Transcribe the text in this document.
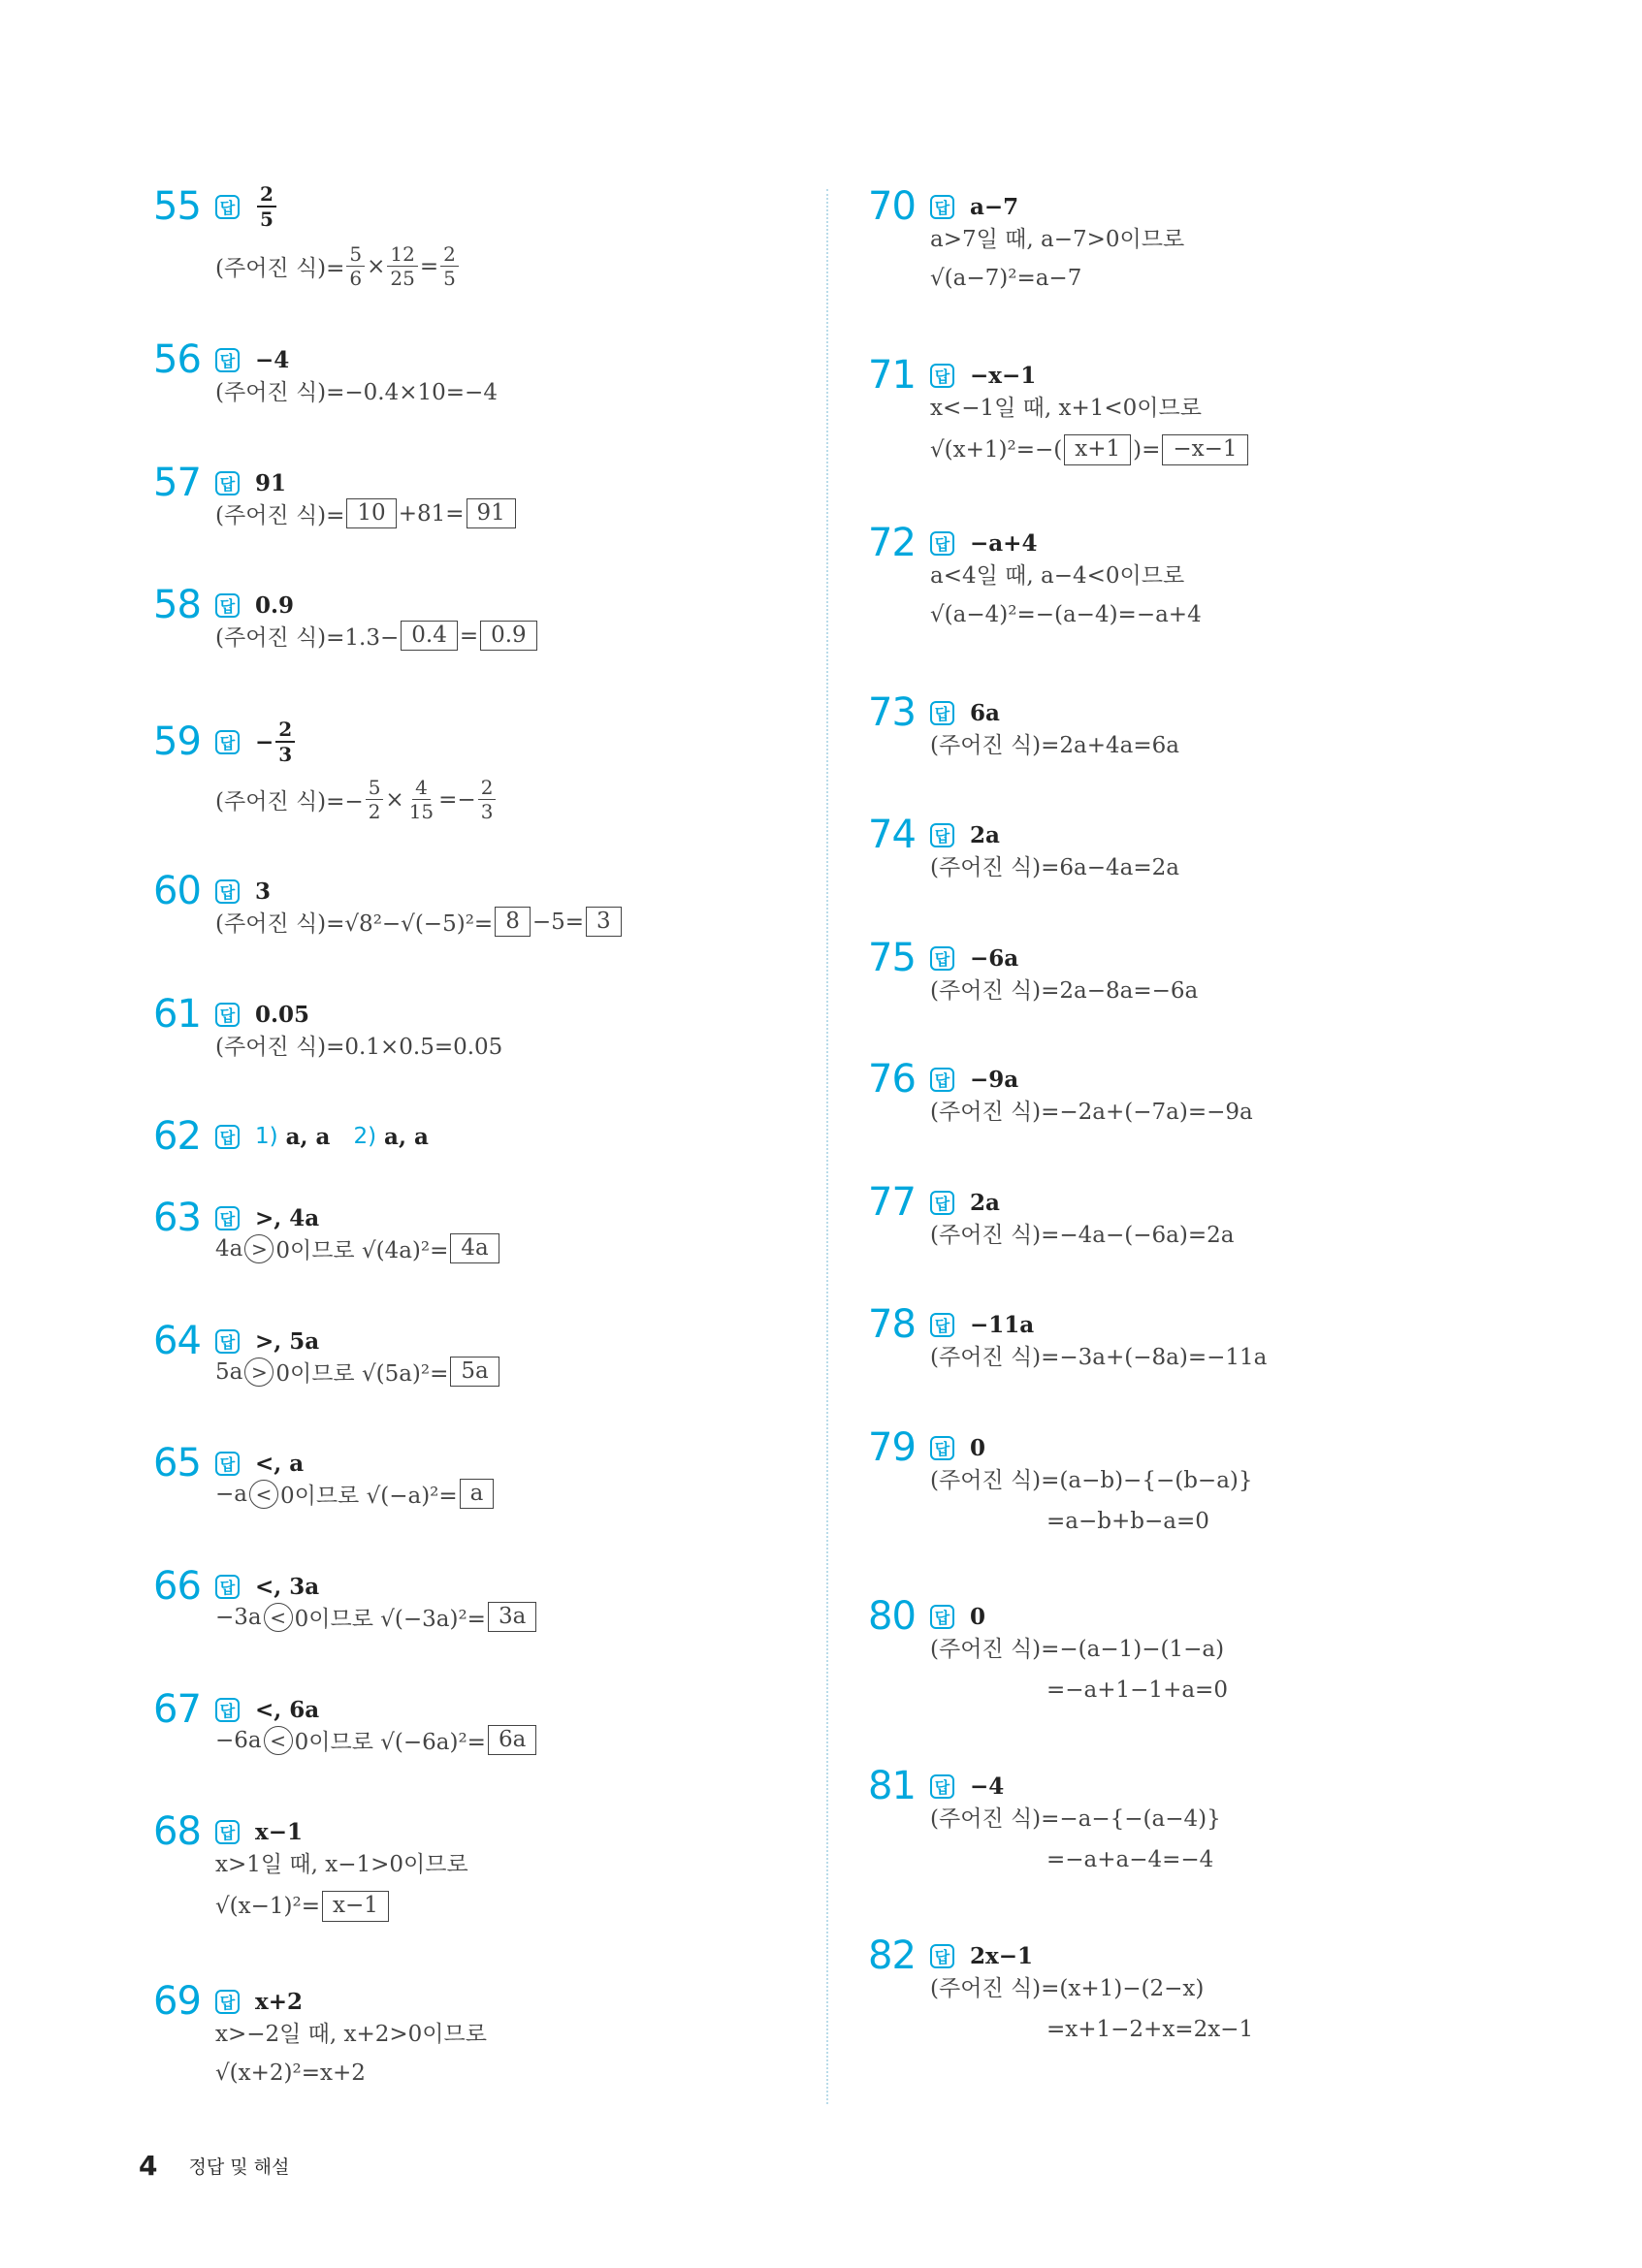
55	답 $\frac{2}{5}$
(주어진 식)= $\frac{5}{6} \times \frac{12}{25} = \frac{2}{5}$
56	답 −4
(주어진 식)=−0.4×10=−4
57	답 91
(주어진 식)= 10 +81= 91
58	답 0.9
(주어진 식)=1.3− 0.4 = 0.9
59	답 − $\frac{2}{3}$
(주어진 식)=− $\frac{5}{2} \times \frac{4}{15} =- \frac{2}{3}$
60	답 3
(주어진 식)=√8²−√(−5)²= 8 −5= 3
61	답 0.05
(주어진 식)=0.1×0.5=0.05
62	답 1) a, a 2) a, a
63	답 >, 4a
4a > 0이므로 √(4a)²= 4a
64	답 >, 5a
5a > 0이므로 √(5a)²= 5a
65	답 <, a
−a < 0이므로 √(−a)²= a
66	답 <, 3a
−3a < 0이므로 √(−3a)²= 3a
67	답 <, 6a
−6a < 0이므로 √(−6a)²= 6a
68	답 x−1
x>1일 때, x−1>0이므로
√(x−1)²= x−1
69	답 x+2
x>−2일 때, x+2>0이므로
√(x+2)²=x+2
70	답 a−7
a>7일 때, a−7>0이므로
√(a−7)²=a−7
71	답 −x−1
x<−1일 때, x+1<0이므로
√(x+1)²=−( x+1 )= −x−1
72	답 −a+4
a<4일 때, a−4<0이므로
√(a−4)²=−(a−4)=−a+4
73	답 6a
(주어진 식)=2a+4a=6a
74	답 2a
(주어진 식)=6a−4a=2a
75	답 −6a
(주어진 식)=2a−8a=−6a
76	답 −9a
(주어진 식)=−2a+(−7a)=−9a
77	답 2a
(주어진 식)=−4a−(−6a)=2a
78	답 −11a
(주어진 식)=−3a+(−8a)=−11a
79	답 0
(주어진 식)=(a−b)−{−(b−a)}
=a−b+b−a=0
80	답 0
(주어진 식)=−(a−1)−(1−a)
=−a+1−1+a=0
81	답 −4
(주어진 식)=−a−{−(a−4)}
=−a+a−4=−4
82	답 2x−1
(주어진 식)=(x+1)−(2−x)
=x+1−2+x=2x−1
4 정답 및 해설
